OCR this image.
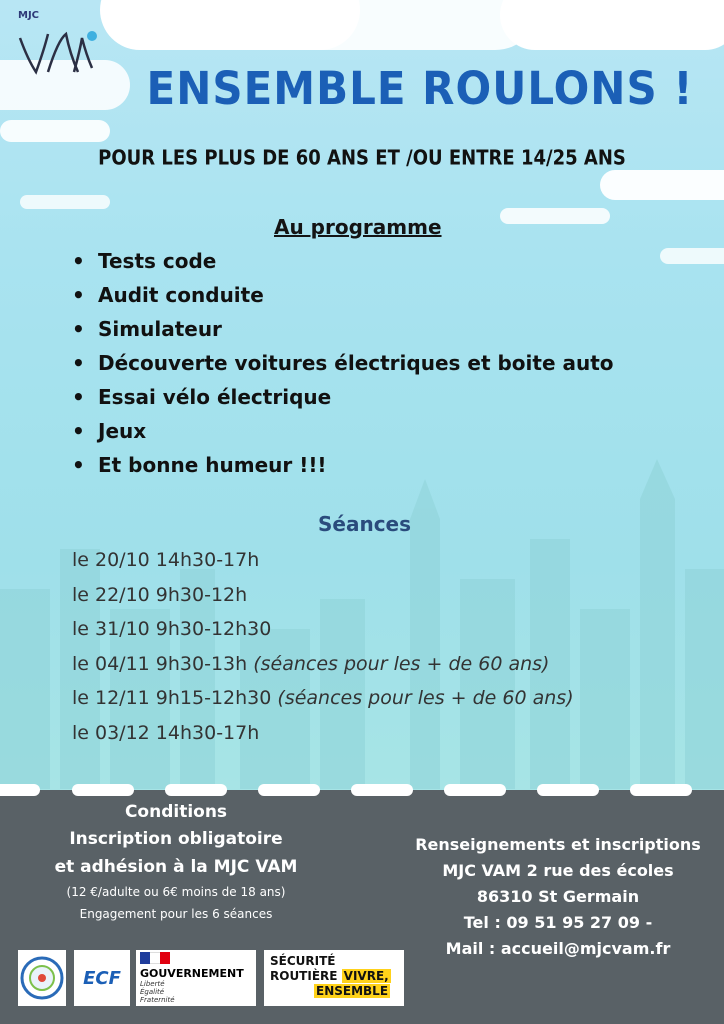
MJC
ENSEMBLE ROULONS !
POUR LES PLUS DE 60 ANS ET /OU ENTRE 14/25 ANS
Au programme
• Tests code
• Audit conduite
• Simulateur
• Découverte voitures électriques et boite auto
• Essai vélo électrique
• Jeux
• Et bonne humeur !!!
Séances
le 20/10 14h30-17h
le 22/10 9h30-12h
le 31/10 9h30-12h30
le 04/11 9h30-13h (séances pour les + de 60 ans)
le 12/11 9h15-12h30 (séances pour les + de 60 ans)
le 03/12 14h30-17h
Conditions
Inscription obligatoire
et adhésion à la MJC VAM
(12 €/adulte ou 6€ moins de 18 ans)
Engagement pour les 6 séances
Renseignements et inscriptions
MJC VAM 2 rue des écoles
86310 St Germain
Tel : 09 51 95 27 09 -
Mail : accueil@mjcvam.fr
ECF GOUVERNEMENT
Liberté
Égalité
Fraternité
SÉCURITÉ
ROUTIÈRE VIVRE,
ENSEMBLE
